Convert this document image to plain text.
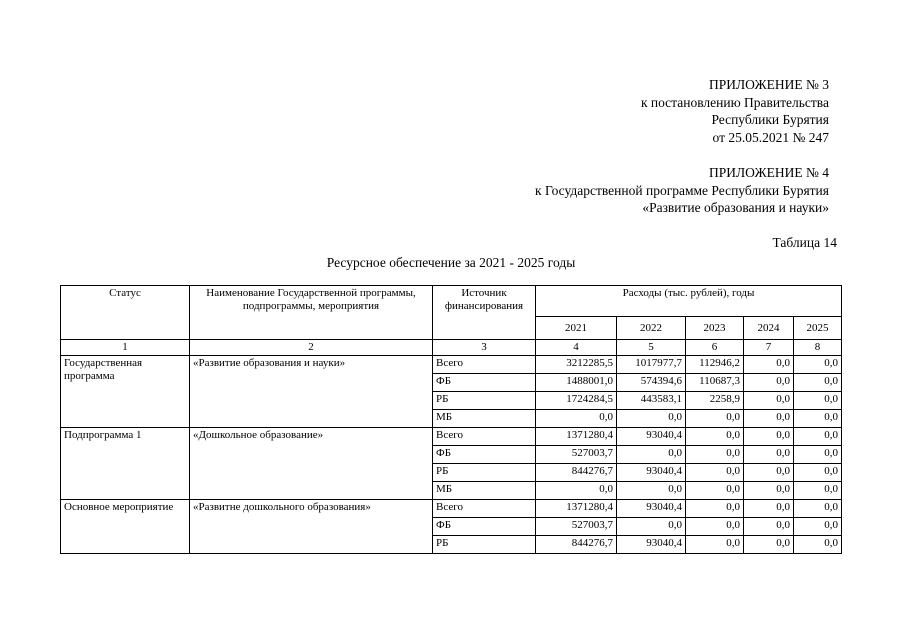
ПРИЛОЖЕНИЕ № 3
к постановлению Правительства
Республики Бурятия
от 25.05.2021 № 247
ПРИЛОЖЕНИЕ № 4
к Государственной программе Республики Бурятия
«Развитие образования и науки»
Таблица 14
Ресурсное обеспечение за 2021 - 2025 годы
Статус	Наименование Государственной программы, подпрограммы, мероприятия	Источник финансирования	Расходы (тыс. рублей), годы				
			2021	2022	2023	2024	2025
1	2	3	4	5	6	7	8
Государственная программа	«Развитие образования и науки»	Всего	3212285,5	1017977,7	112946,2	0,0	0,0
		ФБ	1488001,0	574394,6	110687,3	0,0	0,0
		РБ	1724284,5	443583,1	2258,9	0,0	0,0
		МБ	0,0	0,0	0,0	0,0	0,0
Подпрограмма 1	«Дошкольное образование»	Всего	1371280,4	93040,4	0,0	0,0	0,0
		ФБ	527003,7	0,0	0,0	0,0	0,0
		РБ	844276,7	93040,4	0,0	0,0	0,0
		МБ	0,0	0,0	0,0	0,0	0,0
Основное мероприятие	«Развитне дошкольного образования»	Всего	1371280,4	93040,4	0,0	0,0	0,0
		ФБ	527003,7	0,0	0,0	0,0	0,0
		РБ	844276,7	93040,4	0,0	0,0	0,0
